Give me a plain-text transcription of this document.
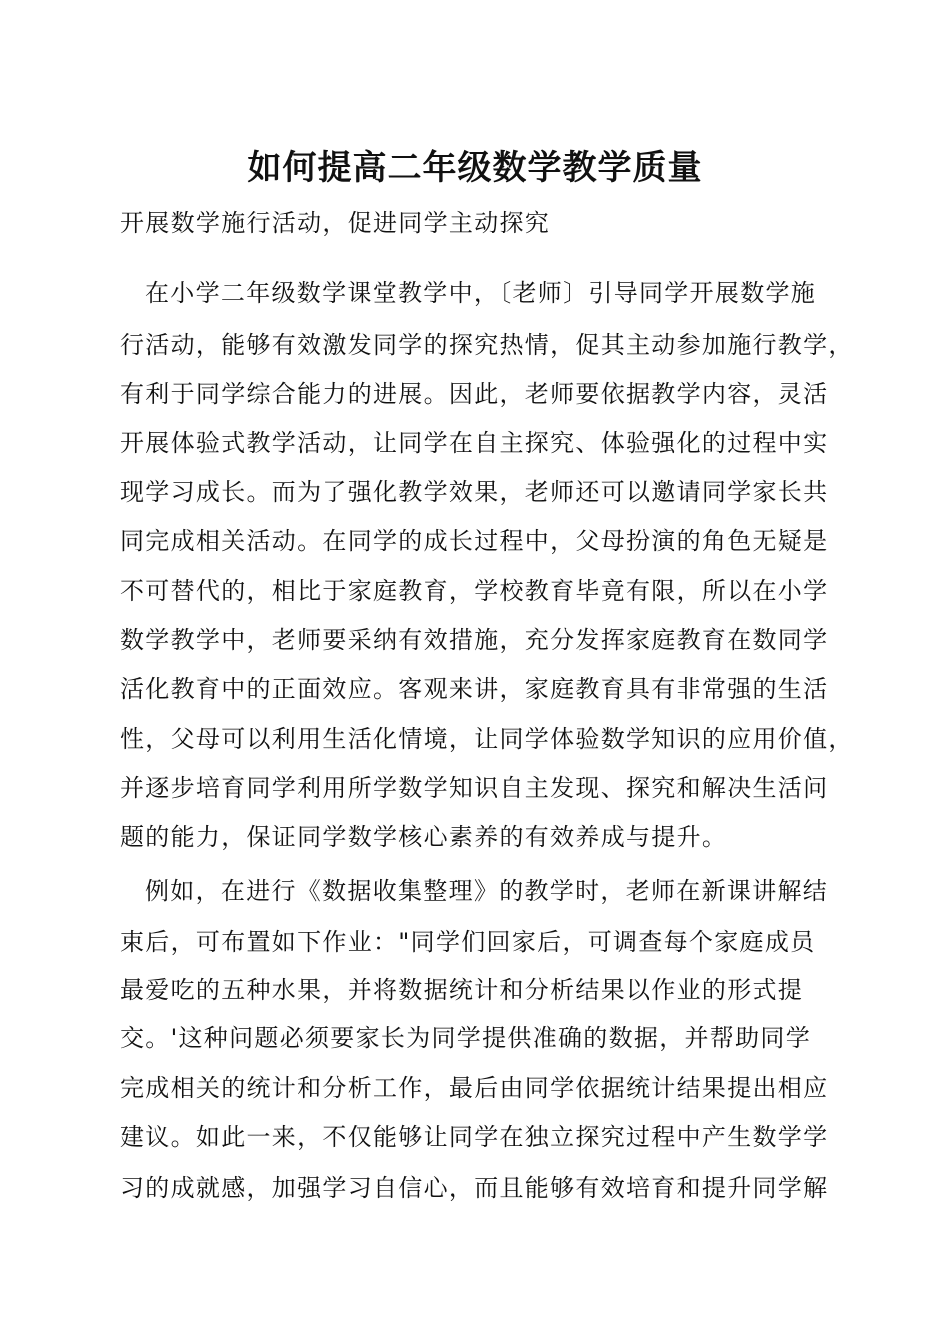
如何提高二年级数学教学质量
开展数学施行活动，促进同学主动探究
在小学二年级数学课堂教学中，〔老师〕引导同学开展数学施
行活动，能够有效激发同学的探究热情，促其主动参加施行教学，
有利于同学综合能力的进展。因此，老师要依据教学内容，灵活
开展体验式教学活动，让同学在自主探究、体验强化的过程中实
现学习成长。而为了强化教学效果，老师还可以邀请同学家长共
同完成相关活动。在同学的成长过程中，父母扮演的角色无疑是
不可替代的，相比于家庭教育，学校教育毕竟有限，所以在小学
数学教学中，老师要采纳有效措施，充分发挥家庭教育在数同学
活化教育中的正面效应。客观来讲，家庭教育具有非常强的生活
性，父母可以利用生活化情境，让同学体验数学知识的应用价值，
并逐步培育同学利用所学数学知识自主发现、探究和解决生活问
题的能力，保证同学数学核心素养的有效养成与提升。
例如，在进行《数据收集整理》的教学时，老师在新课讲解结
束后，可布置如下作业："同学们回家后，可调查每个家庭成员
最爱吃的五种水果，并将数据统计和分析结果以作业的形式提
交。'这种问题必须要家长为同学提供准确的数据，并帮助同学
完成相关的统计和分析工作，最后由同学依据统计结果提出相应
建议。如此一来，不仅能够让同学在独立探究过程中产生数学学
习的成就感，加强学习自信心，而且能够有效培育和提升同学解
